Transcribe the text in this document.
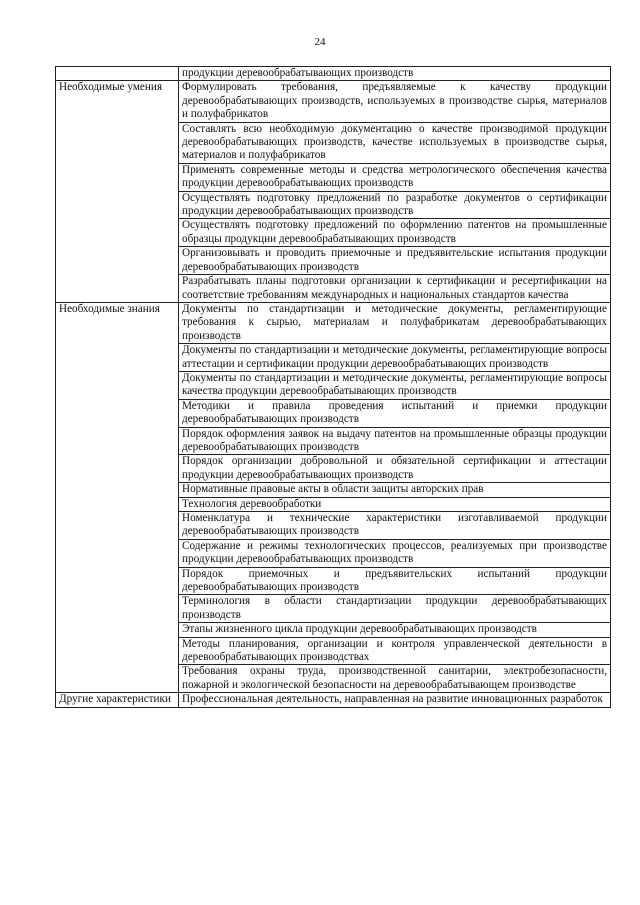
24
	продукции деревообрабатывающих производств
Необходимые умения	Формулировать требования, предъявляемые к качеству продукции деревообрабатывающих производств, используемых в производстве сырья, материалов и полуфабрикатов
	Составлять всю необходимую документацию о качестве производимой продукции деревообрабатывающих производств, качестве используемых в производстве сырья, материалов и полуфабрикатов
	Применять современные методы и средства метрологического обеспечения качества продукции деревообрабатывающих производств
	Осуществлять подготовку предложений по разработке документов о сертификации продукции деревообрабатывающих производств
	Осуществлять подготовку предложений по оформлению патентов на промышленные образцы продукции деревообрабатывающих производств
	Организовывать и проводить приемочные и предъявительские испытания продукции деревообрабатывающих производств
	Разрабатывать планы подготовки организации к сертификации и ресертификации на соответствие требованиям международных и национальных стандартов качества
Необходимые знания	Документы по стандартизации и методические документы, регламентирующие требования к сырью, материалам и полуфабрикатам деревообрабатывающих производств
	Документы по стандартизации и методические документы, регламентирующие вопросы аттестации и сертификации продукции деревообрабатывающих производств
	Документы по стандартизации и методические документы, регламентирующие вопросы качества продукции деревообрабатывающих производств
	Методики и правила проведения испытаний и приемки продукции деревообрабатывающих производств
	Порядок оформления заявок на выдачу патентов на промышленные образцы продукции деревообрабатывающих производств
	Порядок организации добровольной и обязательной сертификации и аттестации продукции деревообрабатывающих производств
	Нормативные правовые акты в области защиты авторских прав
	Технология деревообработки
	Номенклатура и технические характеристики изготавливаемой продукции деревообрабатывающих производств
	Содержание и режимы технологических процессов, реализуемых при производстве продукции деревообрабатывающих производств
	Порядок приемочных и предъявительских испытаний продукции деревообрабатывающих производств
	Терминология в области стандартизации продукции деревообрабатывающих производств
	Этапы жизненного цикла продукции деревообрабатывающих производств
	Методы планирования, организации и контроля управленческой деятельности в деревообрабатывающих производствах
	Требования охраны труда, производственной санитарии, электробезопасности, пожарной и экологической безопасности на деревообрабатывающем производстве
Другие характеристики	Профессиональная деятельность, направленная на развитие инновационных разработок
